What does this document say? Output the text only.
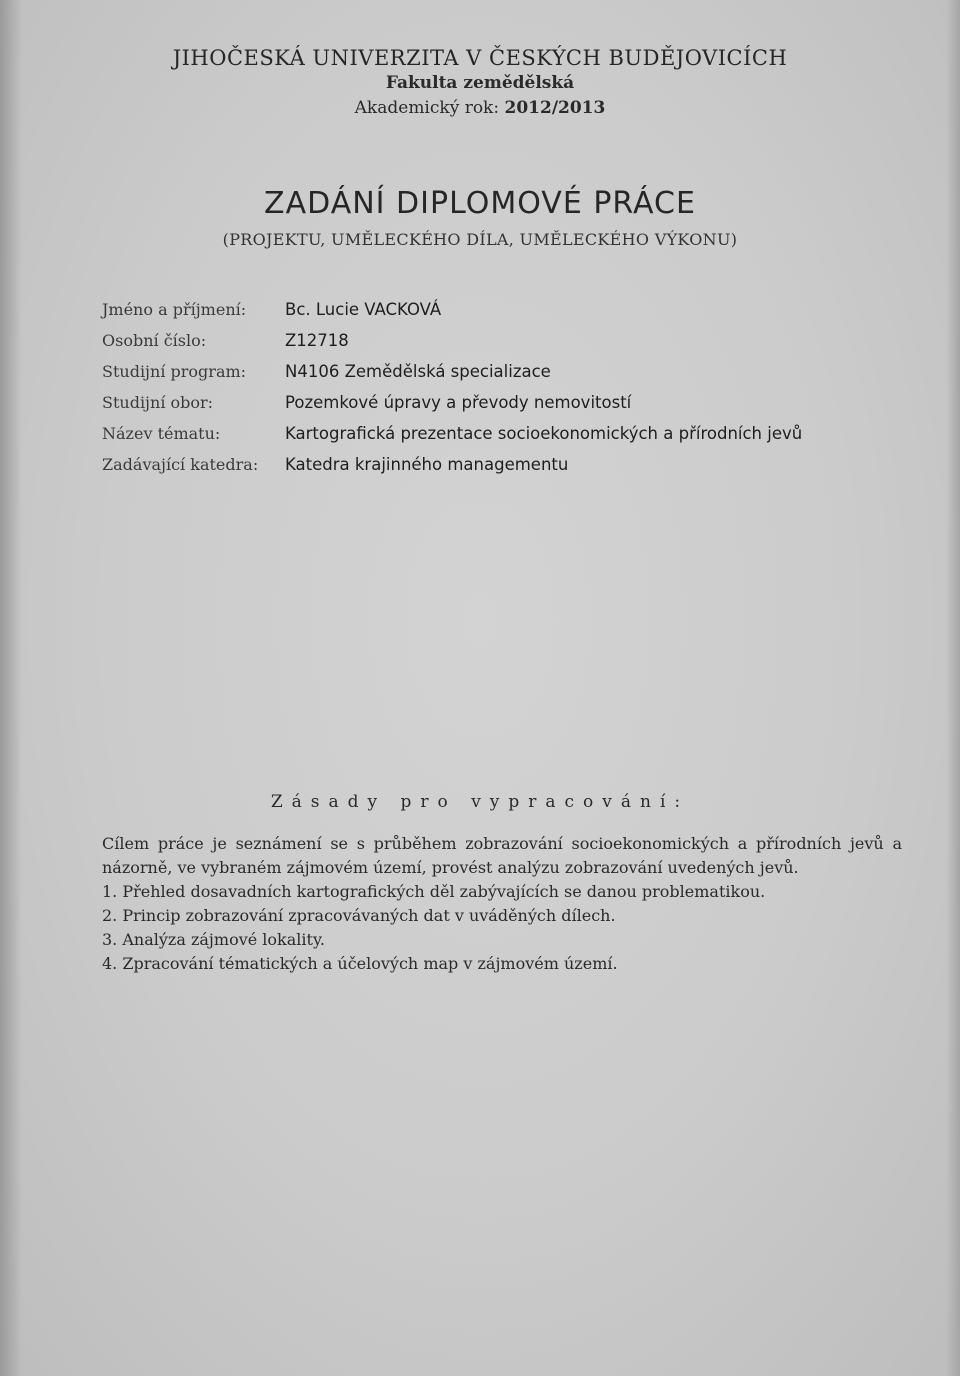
JIHOČESKÁ UNIVERZITA V ČESKÝCH BUDĚJOVICÍCH
Fakulta zemědělská
Akademický rok: 2012/2013
ZADÁNÍ DIPLOMOVÉ PRÁCE
(PROJEKTU, UMĚLECKÉHO DÍLA, UMĚLECKÉHO VÝKONU)
Jméno a příjmení: Bc. Lucie VACKOVÁ
Osobní číslo:	Z12718
Studijní program: N4106 Zemědělská specializace
Studijní obor:	Pozemkové úpravy a převody nemovitostí
Název tématu:	Kartografická prezentace socioekonomických a přírodních jevů
Zadávající katedra: Katedra krajinného managementu
Zásady pro vypracování:

Cílem práce je seznámení se s průběhem zobrazování socioekonomických a přírodních jevů a názorně, ve vybraném zájmovém území, provést analýzu zobrazování uvedených jevů.

1. Přehled dosavadních kartografických děl zabývajících se danou problematikou.

2. Princip zobrazování zpracovávaných dat v uváděných dílech.

3. Analýza zájmové lokality.

4. Zpracování tématických a účelových map v zájmovém území.
